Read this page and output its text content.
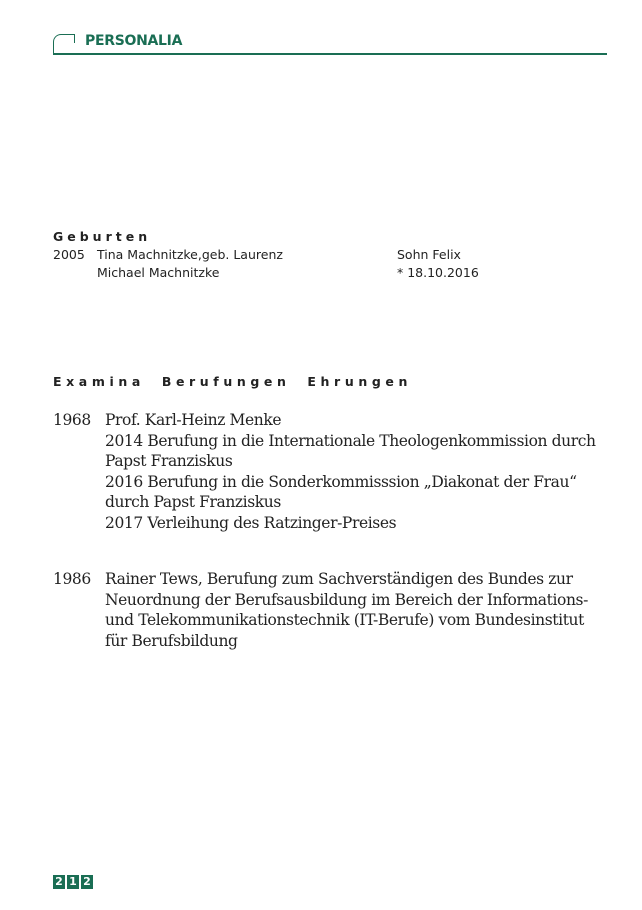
PERSONALIA
Geburten
2005 Tina Machnitzke,geb. Laurenz
Michael Machnitzke
Sohn Felix
* 18.10.2016
Examina Berufungen Ehrungen
1968 Prof. Karl-Heinz Menke
2014 Berufung in die Internationale Theologenkommission durch Papst Franziskus
2016 Berufung in die Sonderkommisssion „Diakonat der Frau“ durch Papst Franziskus
2017 Verleihung des Ratzinger-Preises
1986 Rainer Tews, Berufung zum Sachverständigen des Bundes zur Neuordnung der Berufsausbildung im Bereich der Informations- und Telekommunikationstechnik (IT-Berufe) vom Bundesinstitut für Berufsbildung
2 1 2
